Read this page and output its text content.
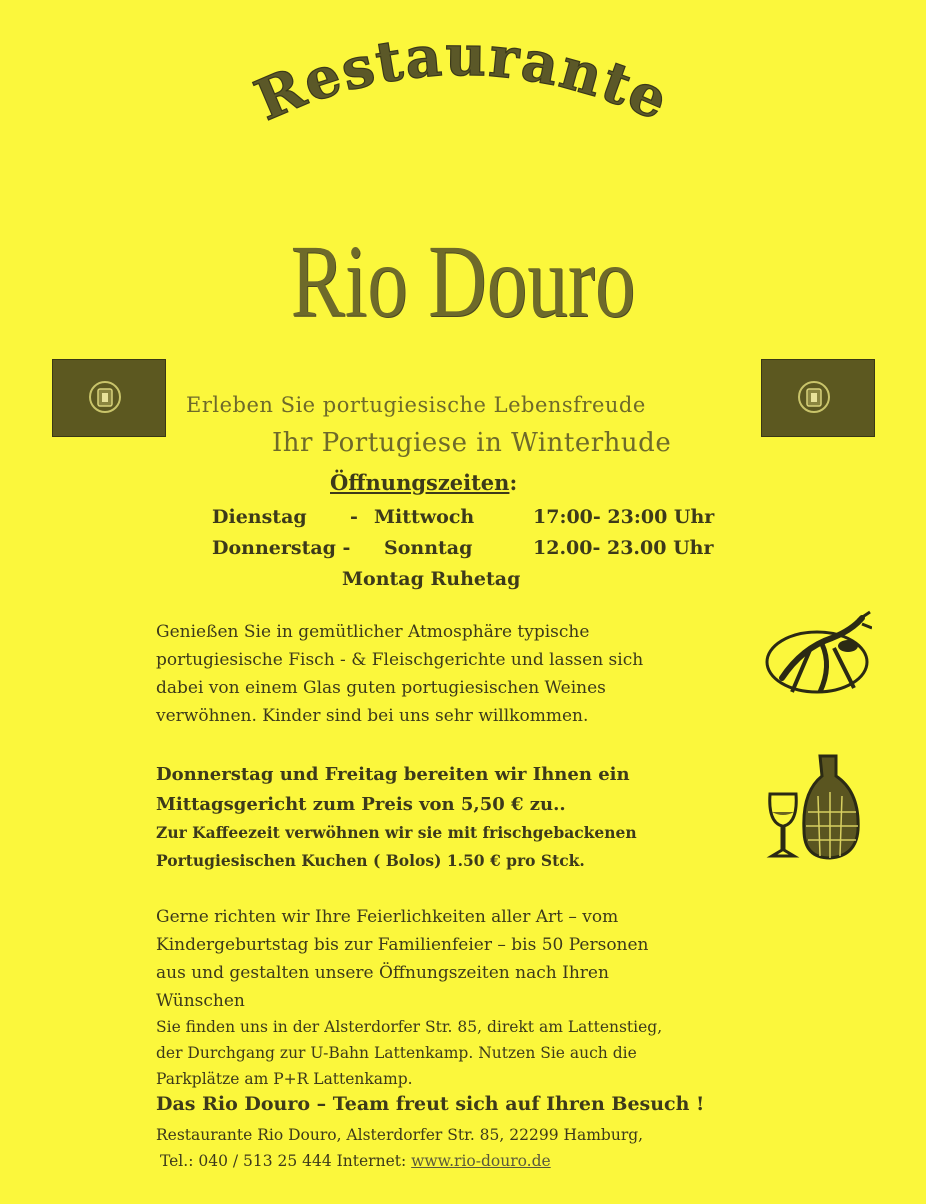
Restaurante
Rio Douro
Erleben Sie portugiesische Lebensfreude
Ihr Portugiese in Winterhude
Öffnungszeiten:
Dienstag - Mittwoch	17:00- 23:00 Uhr
Donnerstag - Sonntag	12.00- 23.00 Uhr
Montag Ruhetag
Genießen Sie in gemütlicher Atmosphäre typische
portugiesische Fisch - & Fleischgerichte und lassen sich
dabei von einem Glas guten portugiesischen Weines
verwöhnen. Kinder sind bei uns sehr willkommen.
Donnerstag und Freitag bereiten wir Ihnen ein
Mittagsgericht zum Preis von 5,50 € zu..
Zur Kaffeezeit verwöhnen wir sie mit frischgebackenen
Portugiesischen Kuchen ( Bolos) 1.50 € pro Stck.
Gerne richten wir Ihre Feierlichkeiten aller Art – vom
Kindergeburtstag bis zur Familienfeier – bis 50 Personen
aus und gestalten unsere Öffnungszeiten nach Ihren
Wünschen
Sie finden uns in der Alsterdorfer Str. 85, direkt am Lattenstieg,
der Durchgang zur U-Bahn Lattenkamp. Nutzen Sie auch die
Parkplätze am P+R Lattenkamp.
Das Rio Douro – Team freut sich auf Ihren Besuch !
Restaurante Rio Douro, Alsterdorfer Str. 85, 22299 Hamburg,
Tel.: 040 / 513 25 444 Internet: www.rio-douro.de
